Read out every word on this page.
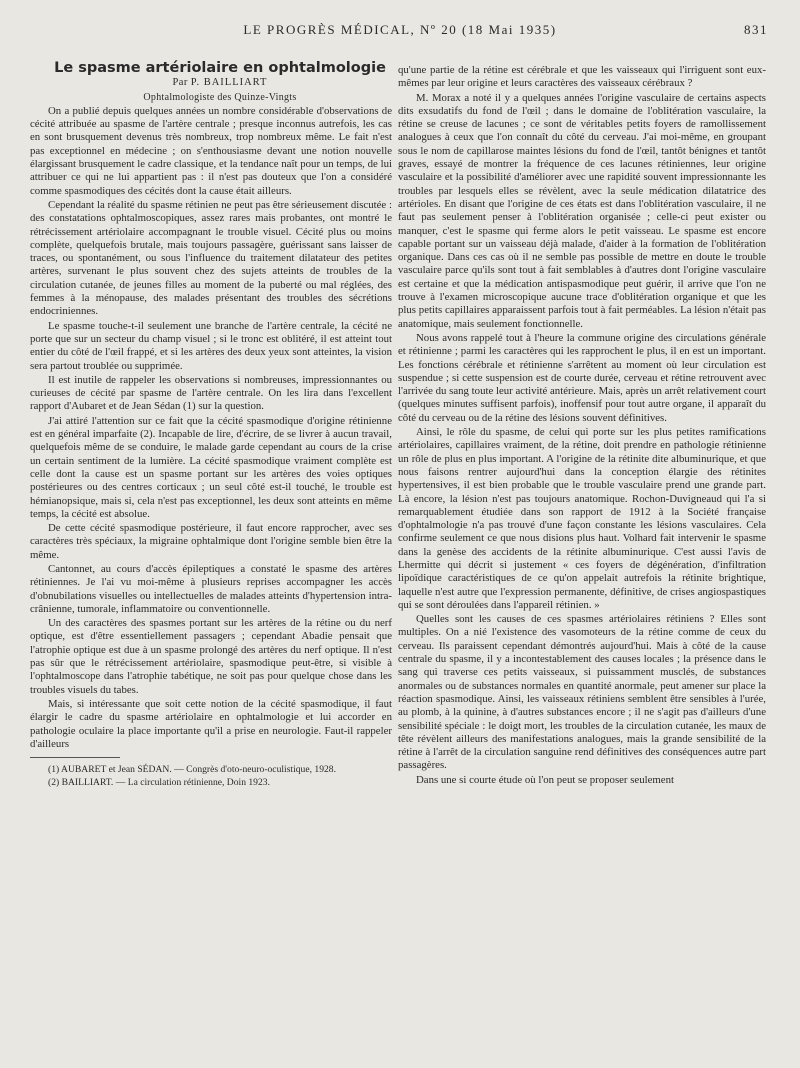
LE PROGRÈS MÉDICAL, Nº 20 (18 Mai 1935)	831

Le spasme artériolaire en ophtalmologie

Par P. BAILLIART

Ophtalmologiste des Quinze-Vingts

On a publié depuis quelques années un nombre considérable d'observations de cécité attribuée au spasme de l'artère centrale ; presque inconnus autrefois, les cas en sont brusquement devenus très nombreux, trop nombreux même. Le fait n'est pas exceptionnel en médecine ; on s'enthousiasme devant une notion nouvelle élargissant brusquement le cadre classique, et la tendance naît pour un temps, de lui attribuer ce qui ne lui appartient pas : il n'est pas douteux que l'on a considéré comme spasmodiques des cécités dont la cause était ailleurs.

Cependant la réalité du spasme rétinien ne peut pas être sérieusement discutée : des constatations ophtalmoscopiques, assez rares mais probantes, ont montré le rétrécissement artériolaire accompagnant le trouble visuel. Cécité plus ou moins complète, quelquefois brutale, mais toujours passagère, guérissant sans laisser de traces, ou spontanément, ou sous l'influence du traitement dilatateur des petites artères, survenant le plus souvent chez des sujets atteints de troubles de la circulation cutanée, de jeunes filles au moment de la puberté ou mal réglées, des femmes à la ménopause, des malades présentant des troubles des sécrétions endocriniennes.

Le spasme touche-t-il seulement une branche de l'artère centrale, la cécité ne porte que sur un secteur du champ visuel ; si le tronc est oblitéré, il est atteint tout entier du côté de l'œil frappé, et si les artères des deux yeux sont atteintes, la vision sera partout troublée ou supprimée.

Il est inutile de rappeler les observations si nombreuses, impressionnantes ou curieuses de cécité par spasme de l'artère centrale. On les lira dans l'excellent rapport d'Aubaret et de Jean Sédan (1) sur la question.

J'ai attiré l'attention sur ce fait que la cécité spasmodique d'origine rétinienne est en général imparfaite (2). Incapable de lire, d'écrire, de se livrer à aucun travail, quelquefois même de se conduire, le malade garde cependant au cours de la crise un certain sentiment de la lumière. La cécité spasmodique vraiment complète est celle dont la cause est un spasme portant sur les artères des voies optiques postérieures ou des centres corticaux ; un seul côté est-il touché, le trouble est hémianopsique, mais si, cela n'est pas exceptionnel, les deux sont atteints en même temps, la cécité est absolue.

De cette cécité spasmodique postérieure, il faut encore rapprocher, avec ses caractères très spéciaux, la migraine ophtalmique dont l'origine semble bien être la même.

Cantonnet, au cours d'accès épileptiques a constaté le spasme des artères rétiniennes. Je l'ai vu moi-même à plusieurs reprises accompagner les accès d'obnubilations visuelles ou intellectuelles de malades atteints d'hypertension intra-crânienne, tumorale, inflammatoire ou conventionnelle.

Un des caractères des spasmes portant sur les artères de la rétine ou du nerf optique, est d'être essentiellement passagers ; cependant Abadie pensait que l'atrophie optique est due à un spasme prolongé des artères du nerf optique. Il n'est pas sûr que le rétrécissement artériolaire, spasmodique peut-être, si visible à l'ophtalmoscope dans l'atrophie tabétique, ne soit pas pour quelque chose dans les troubles visuels du tabes.

Mais, si intéressante que soit cette notion de la cécité spasmodique, il faut élargir le cadre du spasme artériolaire en ophtalmologie et lui accorder en pathologie oculaire la place importante qu'il a prise en neurologie. Faut-il rappeler d'ailleurs

(1) AUBARET et Jean SÉDAN. — Congrès d'oto-neuro-oculistique, 1928.

(2) BAILLIART. — La circulation rétinienne, Doin 1923.

qu'une partie de la rétine est cérébrale et que les vaisseaux qui l'irriguent sont eux-mêmes par leur origine et leurs caractères des vaisseaux cérébraux ?

M. Morax a noté il y a quelques années l'origine vasculaire de certains aspects dits exsudatifs du fond de l'œil ; dans le domaine de l'oblitération vasculaire, la rétine se creuse de lacunes ; ce sont de véritables petits foyers de ramollissement analogues à ceux que l'on connaît du côté du cerveau. J'ai moi-même, en groupant sous le nom de capillarose maintes lésions du fond de l'œil, tantôt bénignes et tantôt graves, essayé de montrer la fréquence de ces lacunes rétiniennes, leur origine vasculaire et la possibilité d'améliorer avec une rapidité souvent impressionnante les troubles par lesquels elles se révèlent, avec la seule médication dilatatrice des artérioles. En disant que l'origine de ces états est dans l'oblitération vasculaire, il ne faut pas seulement penser à l'oblitération organisée ; celle-ci peut exister ou manquer, c'est le spasme qui ferme alors le petit vaisseau. Le spasme est encore capable portant sur un vaisseau déjà malade, d'aider à la formation de l'oblitération organique. Dans ces cas où il ne semble pas possible de mettre en doute le trouble vasculaire parce qu'ils sont tout à fait semblables à d'autres dont l'origine vasculaire est certaine et que la médication antispasmodique peut guérir, il arrive que l'on ne trouve à l'examen microscopique aucune trace d'oblitération organique et que les plus petits capillaires apparaissent parfois tout à fait perméables. La lésion n'était pas anatomique, mais seulement fonctionnelle.

Nous avons rappelé tout à l'heure la commune origine des circulations générale et rétinienne ; parmi les caractères qui les rapprochent le plus, il en est un important. Les fonctions cérébrale et rétinienne s'arrêtent au moment où leur circulation est suspendue ; si cette suspension est de courte durée, cerveau et rétine retrouvent avec l'arrivée du sang toute leur activité antérieure. Mais, après un arrêt relativement court (quelques minutes suffisent parfois), inoffensif pour tout autre organe, il apparaît du côté du cerveau ou de la rétine des lésions souvent définitives.

Ainsi, le rôle du spasme, de celui qui porte sur les plus petites ramifications artériolaires, capillaires vraiment, de la rétine, doit prendre en pathologie rétinienne un rôle de plus en plus important. A l'origine de la rétinite dite albuminurique, et que nous faisons rentrer aujourd'hui dans la conception élargie des rétinites hypertensives, il est bien probable que le trouble vasculaire prend une grande part. Là encore, la lésion n'est pas toujours anatomique. Rochon-Duvigneaud qui l'a si remarquablement étudiée dans son rapport de 1912 à la Société française d'ophtalmologie n'a pas trouvé d'une façon constante les lésions vasculaires. Cela confirme seulement ce que nous disions plus haut. Volhard fait intervenir le spasme dans la genèse des accidents de la rétinite albuminurique. C'est aussi l'avis de Lhermitte qui décrit si justement « ces foyers de dégénération, d'infiltration lipoïdique caractéristiques de ce qu'on appelait autrefois la rétinite brightique, laquelle n'est autre que l'expression permanente, définitive, de crises angiospastiques qui se sont déroulées dans l'appareil rétinien. »

Quelles sont les causes de ces spasmes artériolaires rétiniens ? Elles sont multiples. On a nié l'existence des vasomoteurs de la rétine comme de ceux du cerveau. Ils paraissent cependant démontrés aujourd'hui. Mais à côté de la cause centrale du spasme, il y a incontestablement des causes locales ; la présence dans le sang qui traverse ces petits vaisseaux, si puissamment musclés, de substances anormales ou de substances normales en quantité anormale, peut amener sur place la réaction spasmodique. Ainsi, les vaisseaux rétiniens semblent être sensibles à l'urée, au plomb, à la quinine, à d'autres substances encore ; il ne s'agit pas d'ailleurs d'une sensibilité spéciale : le doigt mort, les troubles de la circulation cutanée, les maux de tête révèlent ailleurs des manifestations analogues, mais la grande sensibilité de la rétine à l'arrêt de la circulation sanguine rend définitives des conséquences autre part passagères.

Dans une si courte étude où l'on peut se proposer seulement
